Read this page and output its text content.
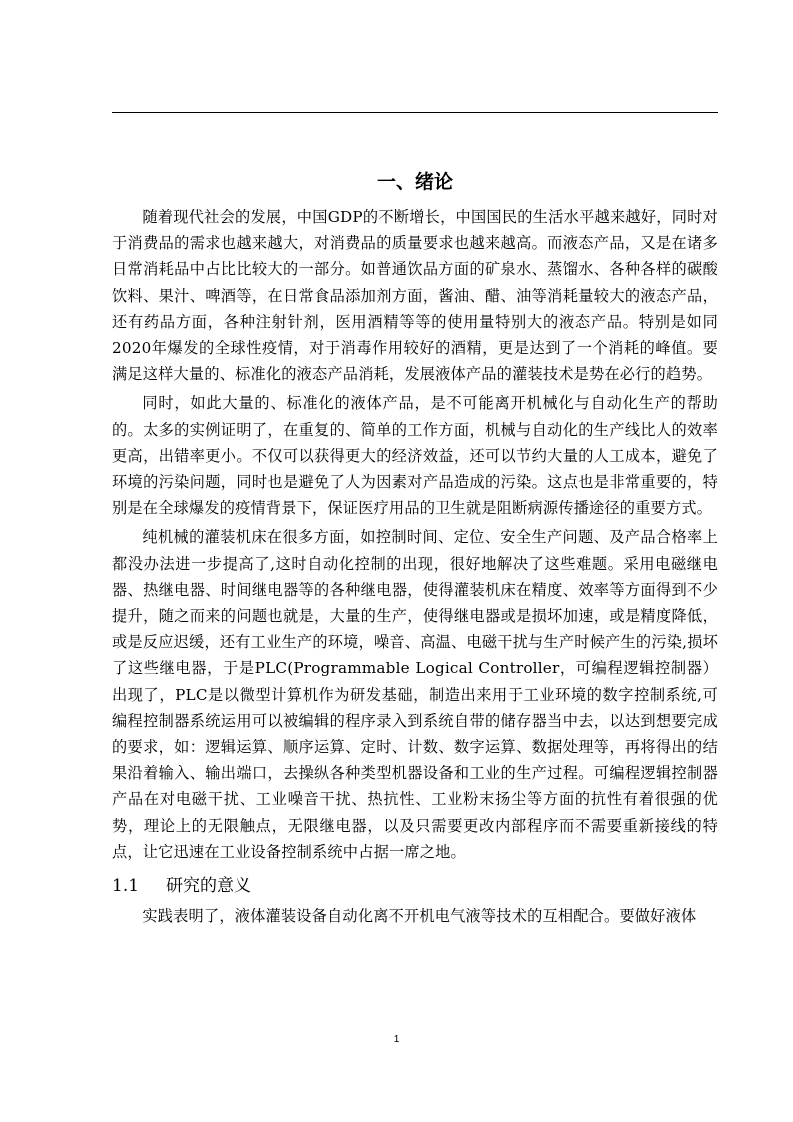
一、绪论

随着现代社会的发展，中国GDP的不断增长，中国国民的生活水平越来越好，同时对于消费品的需求也越来越大，对消费品的质量要求也越来越高。而液态产品，又是在诸多日常消耗品中占比比较大的一部分。如普通饮品方面的矿泉水、蒸馏水、各种各样的碳酸饮料、果汁、啤酒等，在日常食品添加剂方面，酱油、醋、油等消耗量较大的液态产品，还有药品方面，各种注射针剂，医用酒精等等的使用量特别大的液态产品。特别是如同2020年爆发的全球性疫情，对于消毒作用较好的酒精，更是达到了一个消耗的峰值。要满足这样大量的、标准化的液态产品消耗，发展液体产品的灌装技术是势在必行的趋势。

同时，如此大量的、标准化的液体产品，是不可能离开机械化与自动化生产的帮助的。太多的实例证明了，在重复的、简单的工作方面，机械与自动化的生产线比人的效率更高，出错率更小。不仅可以获得更大的经济效益，还可以节约大量的人工成本，避免了环境的污染问题，同时也是避免了人为因素对产品造成的污染。这点也是非常重要的，特别是在全球爆发的疫情背景下，保证医疗用品的卫生就是阻断病源传播途径的重要方式。

纯机械的灌装机床在很多方面，如控制时间、定位、安全生产问题、及产品合格率上都没办法进一步提高了,这时自动化控制的出现，很好地解决了这些难题。采用电磁继电器、热继电器、时间继电器等的各种继电器，使得灌装机床在精度、效率等方面得到不少提升，随之而来的问题也就是，大量的生产，使得继电器或是损坏加速，或是精度降低，或是反应迟缓，还有工业生产的环境，噪音、高温、电磁干扰与生产时候产生的污染,损坏了这些继电器，于是PLC(Programmable Logical Controller，可编程逻辑控制器）出现了，PLC是以微型计算机作为研发基础，制造出来用于工业环境的数字控制系统,可编程控制器系统运用可以被编辑的程序录入到系统自带的储存器当中去，以达到想要完成的要求，如：逻辑运算、顺序运算、定时、计数、数字运算、数据处理等，再将得出的结果沿着输入、输出端口，去操纵各种类型机器设备和工业的生产过程。可编程逻辑控制器产品在对电磁干扰、工业噪音干扰、热抗性、工业粉末扬尘等方面的抗性有着很强的优势，理论上的无限触点，无限继电器，以及只需要更改内部程序而不需要重新接线的特点，让它迅速在工业设备控制系统中占据一席之地。

1.1 研究的意义

实践表明了，液体灌装设备自动化离不开机电气液等技术的互相配合。要做好液体

1
